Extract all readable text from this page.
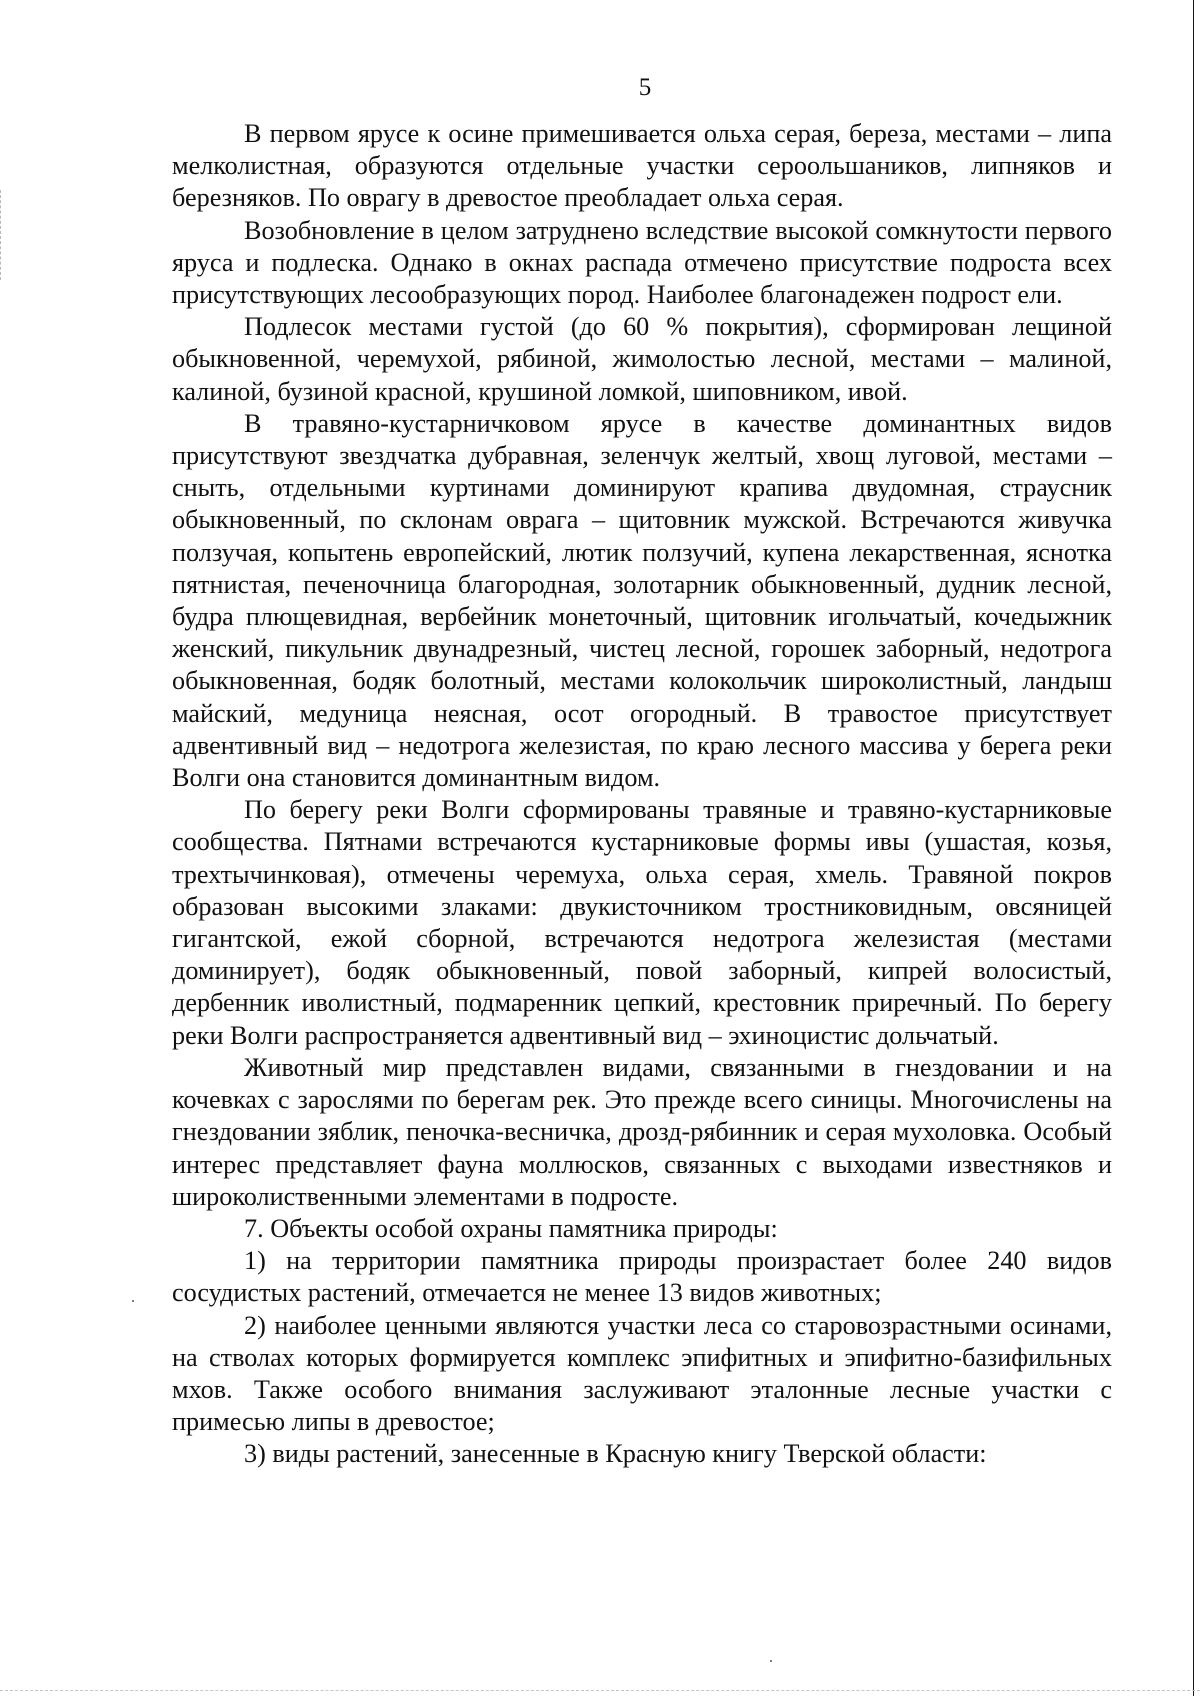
5

В первом ярусе к осине примешивается ольха серая, береза, местами – липа мелколистная, образуются отдельные участки сероольшаников, липняков и березняков. По оврагу в древостое преобладает ольха серая.

Возобновление в целом затруднено вследствие высокой сомкнутости первого яруса и подлеска. Однако в окнах распада отмечено присутствие подроста всех присутствующих лесообразующих пород. Наиболее благонадежен подрост ели.

Подлесок местами густой (до 60 % покрытия), сформирован лещиной обыкновенной, черемухой, рябиной, жимолостью лесной, местами – малиной, калиной, бузиной красной, крушиной ломкой, шиповником, ивой.

В травяно-кустарничковом ярусе в качестве доминантных видов присутствуют звездчатка дубравная, зеленчук желтый, хвощ луговой, местами – сныть, отдельными куртинами доминируют крапива двудомная, страусник обыкновенный, по склонам оврага – щитовник мужской. Встречаются живучка ползучая, копытень европейский, лютик ползучий, купена лекарственная, яснотка пятнистая, печеночница благородная, золотарник обыкновенный, дудник лесной, будра плющевидная, вербейник монеточный, щитовник игольчатый, кочедыжник женский, пикульник двунадрезный, чистец лесной, горошек заборный, недотрога обыкновенная, бодяк болотный, местами колокольчик широколистный, ландыш майский, медуница неясная, осот огородный. В травостое присутствует адвентивный вид – недотрога железистая, по краю лесного массива у берега реки Волги она становится доминантным видом.

По берегу реки Волги сформированы травяные и травяно-кустарниковые сообщества. Пятнами встречаются кустарниковые формы ивы (ушастая, козья, трехтычинковая), отмечены черемуха, ольха серая, хмель. Травяной покров образован высокими злаками: двукисточником тростниковидным, овсяницей гигантской, ежой сборной, встречаются недотрога железистая (местами доминирует), бодяк обыкновенный, повой заборный, кипрей волосистый, дербенник иволистный, подмаренник цепкий, крестовник приречный. По берегу реки Волги распространяется адвентивный вид – эхиноцистис дольчатый.

Животный мир представлен видами, связанными в гнездовании и на кочевках с зарослями по берегам рек. Это прежде всего синицы. Многочислены на гнездовании зяблик, пеночка-весничка, дрозд-рябинник и серая мухоловка. Особый интерес представляет фауна моллюсков, связанных с выходами известняков и широколиственными элементами в подросте.

7. Объекты особой охраны памятника природы:

1) на территории памятника природы произрастает более 240 видов сосудистых растений, отмечается не менее 13 видов животных;

2) наиболее ценными являются участки леса со старовозрастными осинами, на стволах которых формируется комплекс эпифитных и эпифитно-базифильных мхов. Также особого внимания заслуживают эталонные лесные участки с примесью липы в древостое;

3) виды растений, занесенные в Красную книгу Тверской области:
